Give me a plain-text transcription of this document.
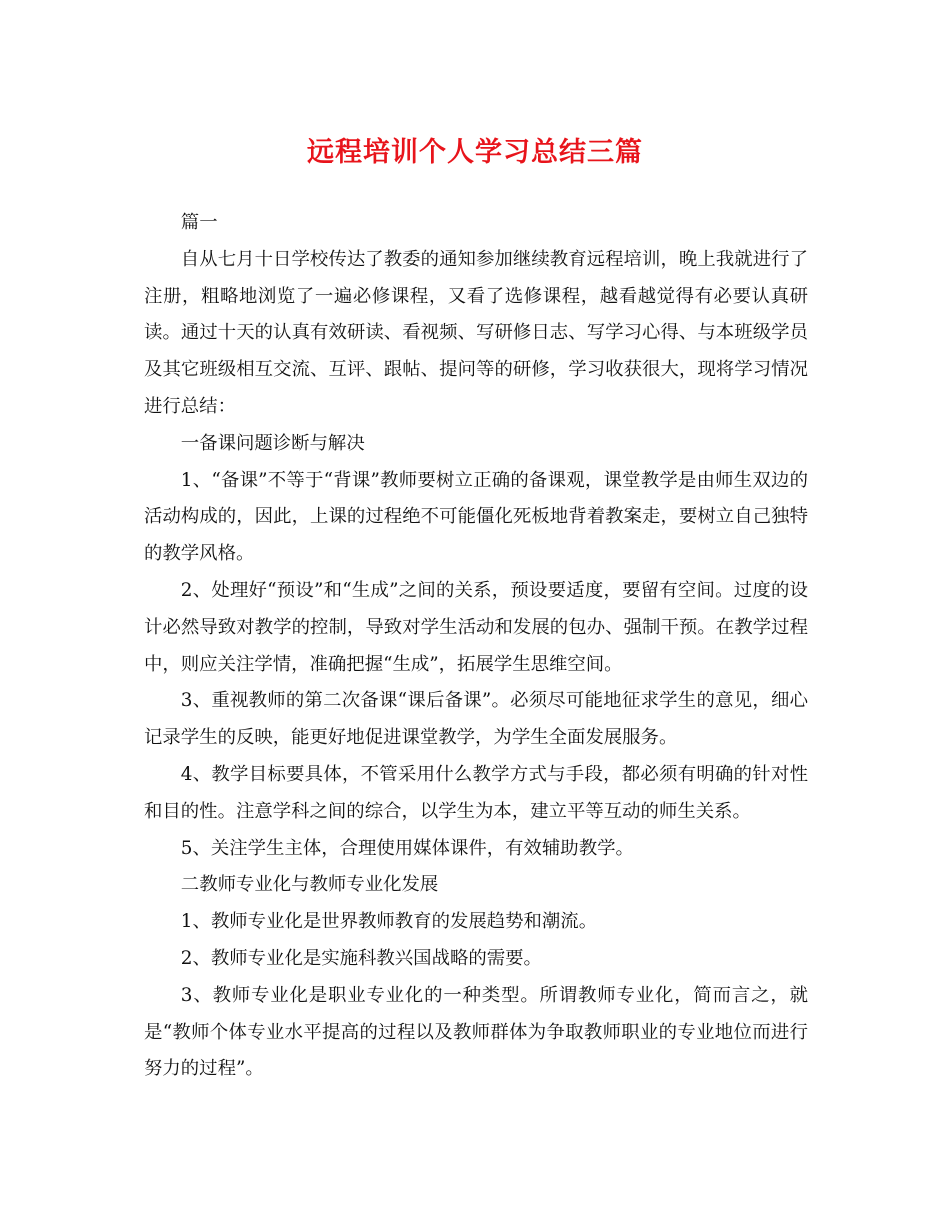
远程培训个人学习总结三篇

篇一

自从七月十日学校传达了教委的通知参加继续教育远程培训，晚上我就进行了注册，粗略地浏览了一遍必修课程，又看了选修课程，越看越觉得有必要认真研读。通过十天的认真有效研读、看视频、写研修日志、写学习心得、与本班级学员及其它班级相互交流、互评、跟帖、提问等的研修，学习收获很大，现将学习情况进行总结：

一备课问题诊断与解决

1、“备课”不等于“背课”教师要树立正确的备课观，课堂教学是由师生双边的活动构成的，因此，上课的过程绝不可能僵化死板地背着教案走，要树立自己独特的教学风格。

2、处理好“预设”和“生成”之间的关系，预设要适度，要留有空间。过度的设计必然导致对教学的控制，导致对学生活动和发展的包办、强制干预。在教学过程中，则应关注学情，准确把握“生成”，拓展学生思维空间。

3、重视教师的第二次备课“课后备课”。必须尽可能地征求学生的意见，细心记录学生的反映，能更好地促进课堂教学，为学生全面发展服务。

4、教学目标要具体，不管采用什么教学方式与手段，都必须有明确的针对性和目的性。注意学科之间的综合，以学生为本，建立平等互动的师生关系。

5、关注学生主体，合理使用媒体课件，有效辅助教学。

二教师专业化与教师专业化发展

1、教师专业化是世界教师教育的发展趋势和潮流。

2、教师专业化是实施科教兴国战略的需要。

3、教师专业化是职业专业化的一种类型。所谓教师专业化，简而言之，就是“教师个体专业水平提高的过程以及教师群体为争取教师职业的专业地位而进行努力的过程”。
